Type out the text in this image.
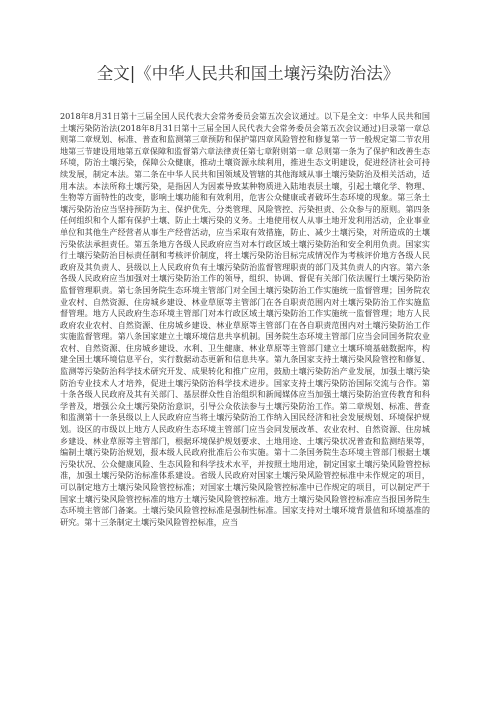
全文|《中华人民共和国土壤污染防治法》

2018年8月31日第十三届全国人民代表大会常务委员会第五次会议通过。以下是全文：中华人民共和国土壤污染防治法(2018年8月31日第十三届全国人民代表大会常务委员会第五次会议通过)目录第一章总则第二章规划、标准、普查和监测第三章预防和保护第四章风险管控和修复第一节一般规定第二节农用地第三节建设用地第五章保障和监督第六章法律责任第七章附则第一章 总则第一条为了保护和改善生态环境，防治土壤污染，保障公众健康，推动土壤资源永续利用，推进生态文明建设，促进经济社会可持续发展，制定本法。第二条在中华人民共和国领域及管辖的其他海域从事土壤污染防治及相关活动，适用本法。本法所称土壤污染，是指因人为因素导致某种物质进入陆地表层土壤，引起土壤化学、物理、生物等方面特性的改变，影响土壤功能和有效利用，危害公众健康或者破坏生态环境的现象。第三条土壤污染防治应当坚持预防为主、保护优先、分类管理、风险管控、污染担责、公众参与的原则。第四条任何组织和个人都有保护土壤、防止土壤污染的义务。土地使用权人从事土地开发利用活动，企业事业单位和其他生产经营者从事生产经营活动，应当采取有效措施，防止、减少土壤污染，对所造成的土壤污染依法承担责任。第五条地方各级人民政府应当对本行政区域土壤污染防治和安全利用负责。国家实行土壤污染防治目标责任制和考核评价制度，将土壤污染防治目标完成情况作为考核评价地方各级人民政府及其负责人、县级以上人民政府负有土壤污染防治监督管理职责的部门及其负责人的内容。第六条各级人民政府应当加强对土壤污染防治工作的领导，组织、协调、督促有关部门依法履行土壤污染防治监督管理职责。第七条国务院生态环境主管部门对全国土壤污染防治工作实施统一监督管理；国务院农业农村、自然资源、住房城乡建设、林业草原等主管部门在各自职责范围内对土壤污染防治工作实施监督管理。地方人民政府生态环境主管部门对本行政区域土壤污染防治工作实施统一监督管理；地方人民政府农业农村、自然资源、住房城乡建设、林业草原等主管部门在各自职责范围内对土壤污染防治工作实施监督管理。第八条国家建立土壤环境信息共享机制。国务院生态环境主管部门应当会同国务院农业农村、自然资源、住房城乡建设、水利、卫生健康、林业草原等主管部门建立土壤环境基础数据库，构建全国土壤环境信息平台，实行数据动态更新和信息共享。第九条国家支持土壤污染风险管控和修复、监测等污染防治科学技术研究开发、成果转化和推广应用，鼓励土壤污染防治产业发展，加强土壤污染防治专业技术人才培养，促进土壤污染防治科学技术进步。国家支持土壤污染防治国际交流与合作。第十条各级人民政府及其有关部门、基层群众性自治组织和新闻媒体应当加强土壤污染防治宣传教育和科学普及，增强公众土壤污染防治意识，引导公众依法参与土壤污染防治工作。第二章规划、标准、普查和监测第十一条县级以上人民政府应当将土壤污染防治工作纳入国民经济和社会发展规划、环境保护规划。设区的市级以上地方人民政府生态环境主管部门应当会同发展改革、农业农村、自然资源、住房城乡建设、林业草原等主管部门，根据环境保护规划要求、土地用途、土壤污染状况普查和监测结果等，编制土壤污染防治规划，报本级人民政府批准后公布实施。第十二条国务院生态环境主管部门根据土壤污染状况、公众健康风险、生态风险和科学技术水平，并按照土地用途，制定国家土壤污染风险管控标准，加强土壤污染防治标准体系建设。省级人民政府对国家土壤污染风险管控标准中未作规定的项目，可以制定地方土壤污染风险管控标准；对国家土壤污染风险管控标准中已作规定的项目，可以制定严于国家土壤污染风险管控标准的地方土壤污染风险管控标准。地方土壤污染风险管控标准应当报国务院生态环境主管部门备案。土壤污染风险管控标准是强制性标准。国家支持对土壤环境背景值和环境基准的研究。第十三条制定土壤污染风险管控标准，应当
